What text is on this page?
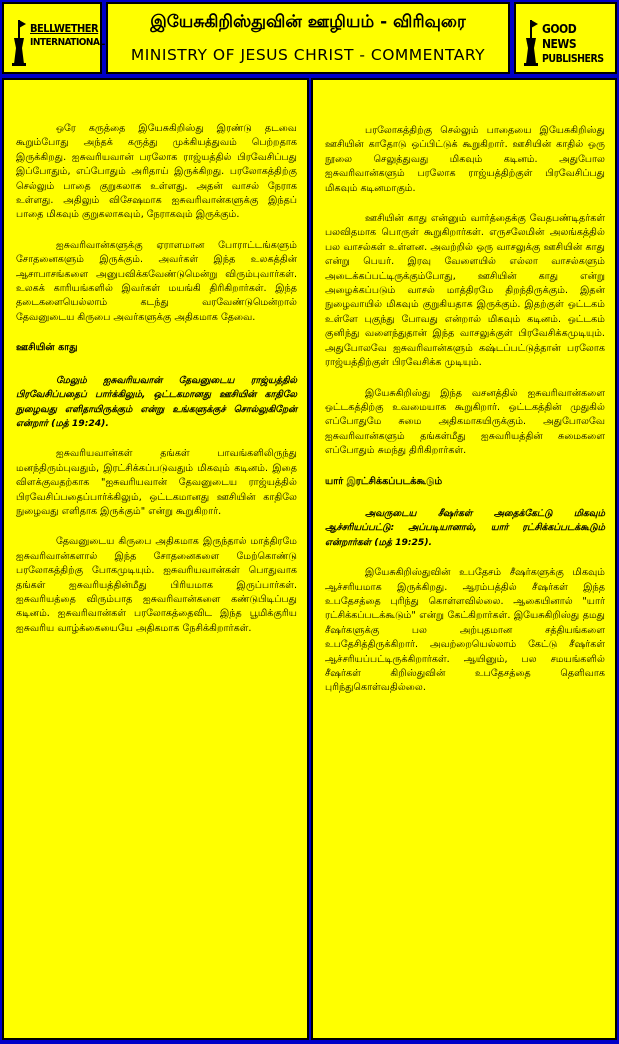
BELLWETHER
INTERNATIONAL
இயேசுகிறிஸ்துவின் ஊழியம் - விரிவுரை
MINISTRY OF JESUS CHRIST - COMMENTARY
GOOD NEWS
PUBLISHERS

ஒரே கருத்தை இயேசுகிறிஸ்து இரண்டு தடவை கூறும்போது அந்தக் கருத்து முக்கியத்துவம் பெற்றதாக இருக்கிறது. ஐசுவரியவான் பரலோக ராஜ்யத்தில் பிரவேசிப்பது இப்போதும், எப்போதும் அரிதாய் இருக்கிறது. பரலோகத்திற்கு செல்லும் பாதை குறுகலாக உள்ளது. அதன் வாசல் நேராக உள்ளது. அதிலும் விசேஷமாக ஐசுவரிவான்களுக்கு இந்தப் பாதை மிகவும் குறுகலாகவும், நேராகவும் இருக்கும்.

ஐசுவரிவான்களுக்கு ஏராளமான போராட்டங்களும் சோதனைகளும் இருக்கும். அவர்கள் இந்த உலகத்தின் ஆசாபாசங்களை அனுபவிக்கவேண்டுமென்று விரும்புவார்கள். உலகக் காரியங்களில் இவர்கள் மயங்கி திரிகிறார்கள். இந்த தடைகளையெல்லாம் கடந்து வரவேண்டுமென்றால் தேவனுடைய கிருபை அவர்களுக்கு அதிகமாக தேவை.

ஊசியின் காது

மேலும் ஐசுவரியவான் தேவனுடைய ராஜ்யத்தில் பிரவேசிப்பதைப் பார்க்கிலும், ஒட்டகமானது ஊசியின் காதிலே நுழைவது எளிதாயிருக்கும் என்று உங்களுக்குச் சொல்லுகிறேன் என்றார் (மத் 19:24).

ஐசுவரியவான்கள் தங்கள் பாவங்களிலிருந்து மனந்திரும்புவதும், இரட்சிக்கப்படுவதும் மிகவும் கடினம். இதை விளக்குவதற்காக "ஐசுவரியவான் தேவனுடைய ராஜ்யத்தில் பிரவேசிப்பதைப்பார்க்கிலும், ஒட்டகமானது ஊசியின் காதிலே நுழைவது எளிதாக இருக்கும்" என்று கூறுகிறார்.

தேவனுடைய கிருபை அதிகமாக இருந்தால் மாத்திரமே ஐசுவரிவான்களால் இந்த சோதனைகளை மேற்கொண்டு பரலோகத்திற்கு போகமுடியும். ஐசுவரியவான்கள் பொதுவாக தங்கள் ஐசுவரியத்தின்மீது பிரியமாக இருப்பார்கள். ஐசுவரியத்தை விரும்பாத ஐசுவரிவான்களை கண்டுபிடிப்பது கடினம். ஐசுவரிவான்கள் பரலோகத்தைவிட இந்த பூமிக்குரிய ஐசுவரிய வாழ்க்கையையே அதிகமாக நேசிக்கிறார்கள்.

பரலோகத்திற்கு செல்லும் பாதையை இயேசுகிறிஸ்து ஊசியின் காதோடு ஒப்பிட்டுக் கூறுகிறார். ஊசியின் காதில் ஒரு நூலை செலுத்துவது மிகவும் கடினம். அதுபோல ஐசுவரிவான்களும் பரலோக ராஜ்யத்திற்குள் பிரவேசிப்பது மிகவும் கடினமாகும்.

ஊசியின் காது என்னும் வார்த்தைக்கு வேதபண்டிதர்கள் பலவிதமாக பொருள் கூறுகிறார்கள். எருசலேமின் அலங்கத்தில் பல வாசல்கள் உள்ளன. அவற்றில் ஒரு வாசலுக்கு ஊசியின் காது என்று பெயர். இரவு வேளையில் எல்லா வாசல்களும் அடைக்கப்பட்டிருக்கும்போது, ஊசியின் காது என்று அழைக்கப்படும் வாசல் மாத்திரமே திறந்திருக்கும். இதன் நுழைவாயில் மிகவும் குறுகியதாக இருக்கும். இதற்குள் ஒட்டகம் உள்ளே புகுந்து போவது என்றால் மிகவும் கடினம். ஒட்டகம் குனிந்து வளைந்துதான் இந்த வாசலுக்குள் பிரவேசிக்கமுடியும். அதுபோலவே ஐசுவரிவான்களும் கஷ்டப்பட்டுத்தான் பரலோக ராஜ்யத்திற்குள் பிரவேசிக்க முடியும்.

இயேசுகிறிஸ்து இந்த வசனத்தில் ஐசுவரிவான்களை ஒட்டகத்திற்கு உவமையாக கூறுகிறார். ஒட்டகத்தின் முதுகில் எப்போதுமே சுமை அதிகமாகயிருக்கும். அதுபோலவே ஐசுவரிவான்களும் தங்கள்மீது ஐசுவரியத்தின் சுமைகளை எப்போதும் சுமந்து திரிகிறார்கள்.

யார் இரட்சிக்கப்படக்கூடும்

அவருடைய சீஷர்கள் அதைக்கேட்டு மிகவும் ஆச்சரியப்பட்டு: அப்படியானால், யார் ரட்சிக்கப்படக்கூடும் என்றார்கள் (மத் 19:25).

இயேசுகிறிஸ்துவின் உபதேசம் சீஷர்களுக்கு மிகவும் ஆச்சரியமாக இருக்கிறது. ஆரம்பத்தில் சீஷர்கள் இந்த உபதேசத்தை புரிந்து கொள்ளவில்லை. ஆகையினால் "யார் ரட்சிக்கப்படக்கூடும்" என்று கேட்கிறார்கள். இயேசுகிறிஸ்து தமது சீஷர்களுக்கு பல அற்புதமான சத்தியங்களை உபதேசித்திருக்கிறார். அவற்றையெல்லாம் கேட்டு சீஷர்கள் ஆச்சரியப்பட்டிருக்கிறார்கள். ஆயினும், பல சமயங்களில் சீஷர்கள் கிறிஸ்துவின் உபதேசத்தை தெளிவாக புரிந்துகொள்வதில்லை.
